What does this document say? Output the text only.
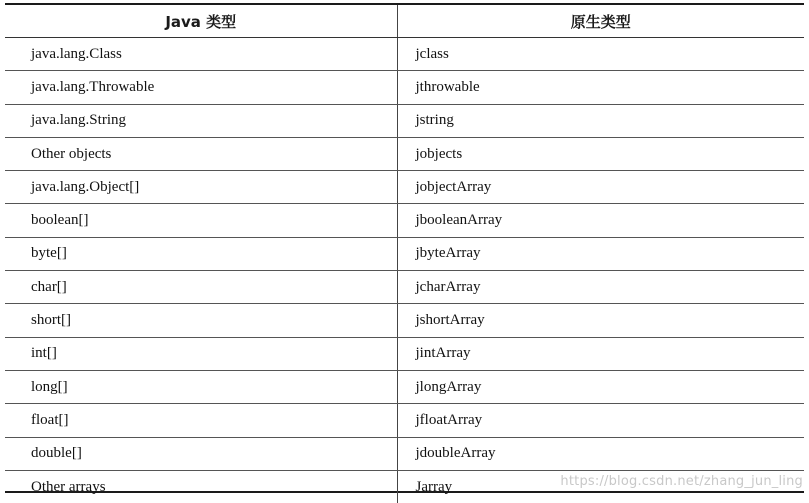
Java 类型	原生类型
java.lang.Class	jclass
java.lang.Throwable	jthrowable
java.lang.String	jstring
Other objects	jobjects
java.lang.Object[]	jobjectArray
boolean[]	jbooleanArray
byte[]	jbyteArray
char[]	jcharArray
short[]	jshortArray
int[]	jintArray
long[]	jlongArray
float[]	jfloatArray
double[]	jdoubleArray
Other arrays	Jarray	https://blog.csdn.net/zhang_jun_ling
